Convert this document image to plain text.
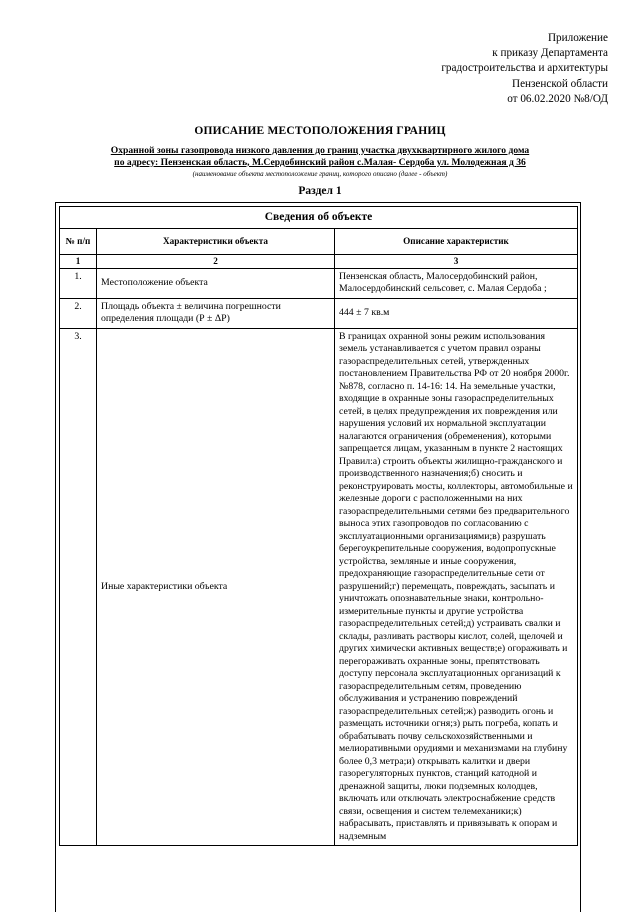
Приложение
к приказу Департамента
градостроительства и архитектуры
Пензенской области
от 06.02.2020 №8/ОД
ОПИСАНИЕ МЕСТОПОЛОЖЕНИЯ ГРАНИЦ
Охранной зоны газопровода низкого давления до границ участка двухквартирного жилого дома
по адресу: Пензенская область, М.Сердобинский район с.Малая- Сердоба ул. Молодежная д 36
(наименование объекта местоположение границ, которого описано (далее - объект)
Раздел 1
Сведения об объекте		
№ п/п	Характеристики объекта	Описание характеристик
1	2	3
1.	Местоположение объекта	Пензенская область, Малосердобинский район, Малосердобинский сельсовет, с. Малая Сердоба ;
2.	Площадь объекта ± величина погрешности определения площади (Р ± ΔР)	444 ± 7 кв.м
3.	Иные характеристики объекта	В границах охранной зоны режим использования земель устанавливается с учетом правил озраны газораспределительных сетей, утвержденных постановлением Правительства РФ от 20 ноября 2000г. №878, согласно п. 14-16: 14. На земельные участки, входящие в охранные зоны газораспределительных сетей, в целях предупреждения их повреждения или нарушения условий их нормальной эксплуатации налагаются ограничения (обременения), которыми запрещается лицам, указанным в пункте 2 настоящих Правил:а) строить объекты жилищно-гражданского и производственного назначения;б) сносить и реконструировать мосты, коллекторы, автомобильные и железные дороги с расположенными на них газораспределительными сетями без предварительного выноса этих газопроводов по согласованию с эксплуатационными организациями;в) разрушать берегоукрепительные сооружения, водопропускные устройства, земляные и иные сооружения, предохраняющие газораспределительные сети от разрушений;г) перемещать, повреждать, засыпать и уничтожать опознавательные знаки, контрольно-измерительные пункты и другие устройства газораспределительных сетей;д) устраивать свалки и склады, разливать растворы кислот, солей, щелочей и других химически активных веществ;е) огораживать и перегораживать охранные зоны, препятствовать доступу персонала эксплуатационных организаций к газораспределительным сетям, проведению обслуживания и устранению повреждений газораспределительных сетей;ж) разводить огонь и размещать источники огня;з) рыть погреба, копать и обрабатывать почву сельскохозяйственными и мелиоративными орудиями и механизмами на глубину более 0,3 метра;и) открывать калитки и двери газорегуляторных пунктов, станций катодной и дренажной защиты, люки подземных колодцев, включать или отключать электроснабжение средств связи, освещения и систем телемеханики;к) набрасывать, приставлять и привязывать к опорам и надземным
